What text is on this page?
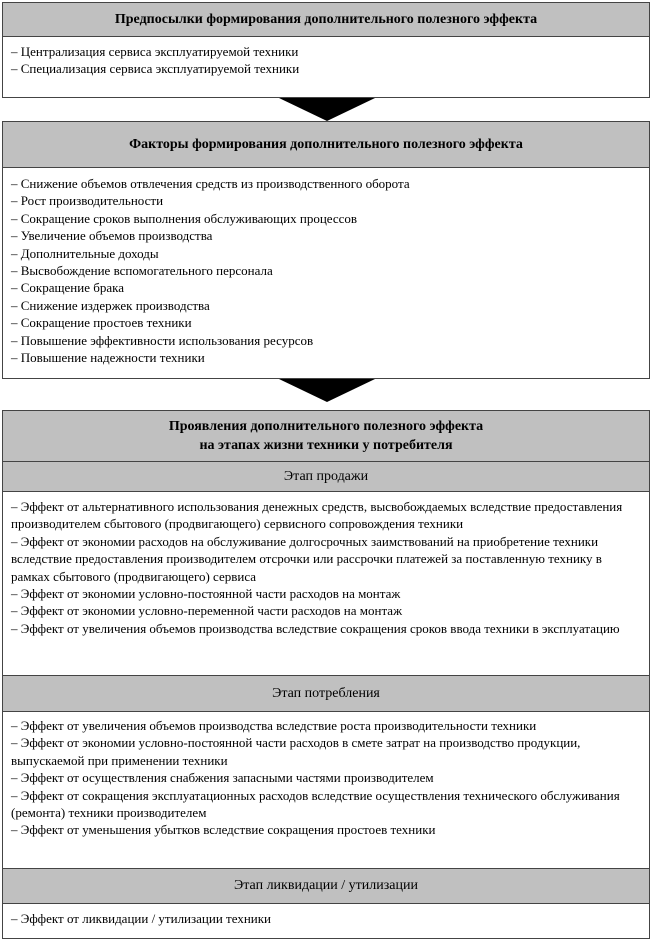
Предпосылки формирования дополнительного полезного эффекта
– Централизация сервиса эксплуатируемой техники
– Специализация сервиса эксплуатируемой техники
Факторы формирования дополнительного полезного эффекта
– Снижение объемов отвлечения средств из производственного оборота
– Рост производительности
– Сокращение сроков выполнения обслуживающих процессов
– Увеличение объемов производства
– Дополнительные доходы
– Высвобождение вспомогательного персонала
– Сокращение брака
– Снижение издержек производства
– Сокращение простоев техники
– Повышение эффективности использования ресурсов
– Повышение надежности техники
Проявления дополнительного полезного эффекта
на этапах жизни техники у потребителя
Этап продажи
– Эффект от альтернативного использования денежных средств, высвобождаемых вследствие предоставления производителем сбытового (продвигающего) сервисного сопровождения техники
– Эффект от экономии расходов на обслуживание долгосрочных заимствований на приобретение техники вследствие предоставления производителем отсрочки или рассрочки платежей за поставленную технику в рамках сбытового (продвигающего) сервиса
– Эффект от экономии условно-постоянной части расходов на монтаж
– Эффект от экономии условно-переменной части расходов на монтаж
– Эффект от увеличения объемов производства вследствие сокращения сроков ввода техники в эксплуатацию
Этап потребления
– Эффект от увеличения объемов производства вследствие роста производительности техники
– Эффект от экономии условно-постоянной части расходов в смете затрат на производство продукции, выпускаемой при применении техники
– Эффект от осуществления снабжения запасными частями производителем
– Эффект от сокращения эксплуатационных расходов вследствие осуществления технического обслуживания (ремонта) техники производителем
– Эффект от уменьшения убытков вследствие сокращения простоев техники
Этап ликвидации / утилизации
– Эффект от ликвидации / утилизации техники
